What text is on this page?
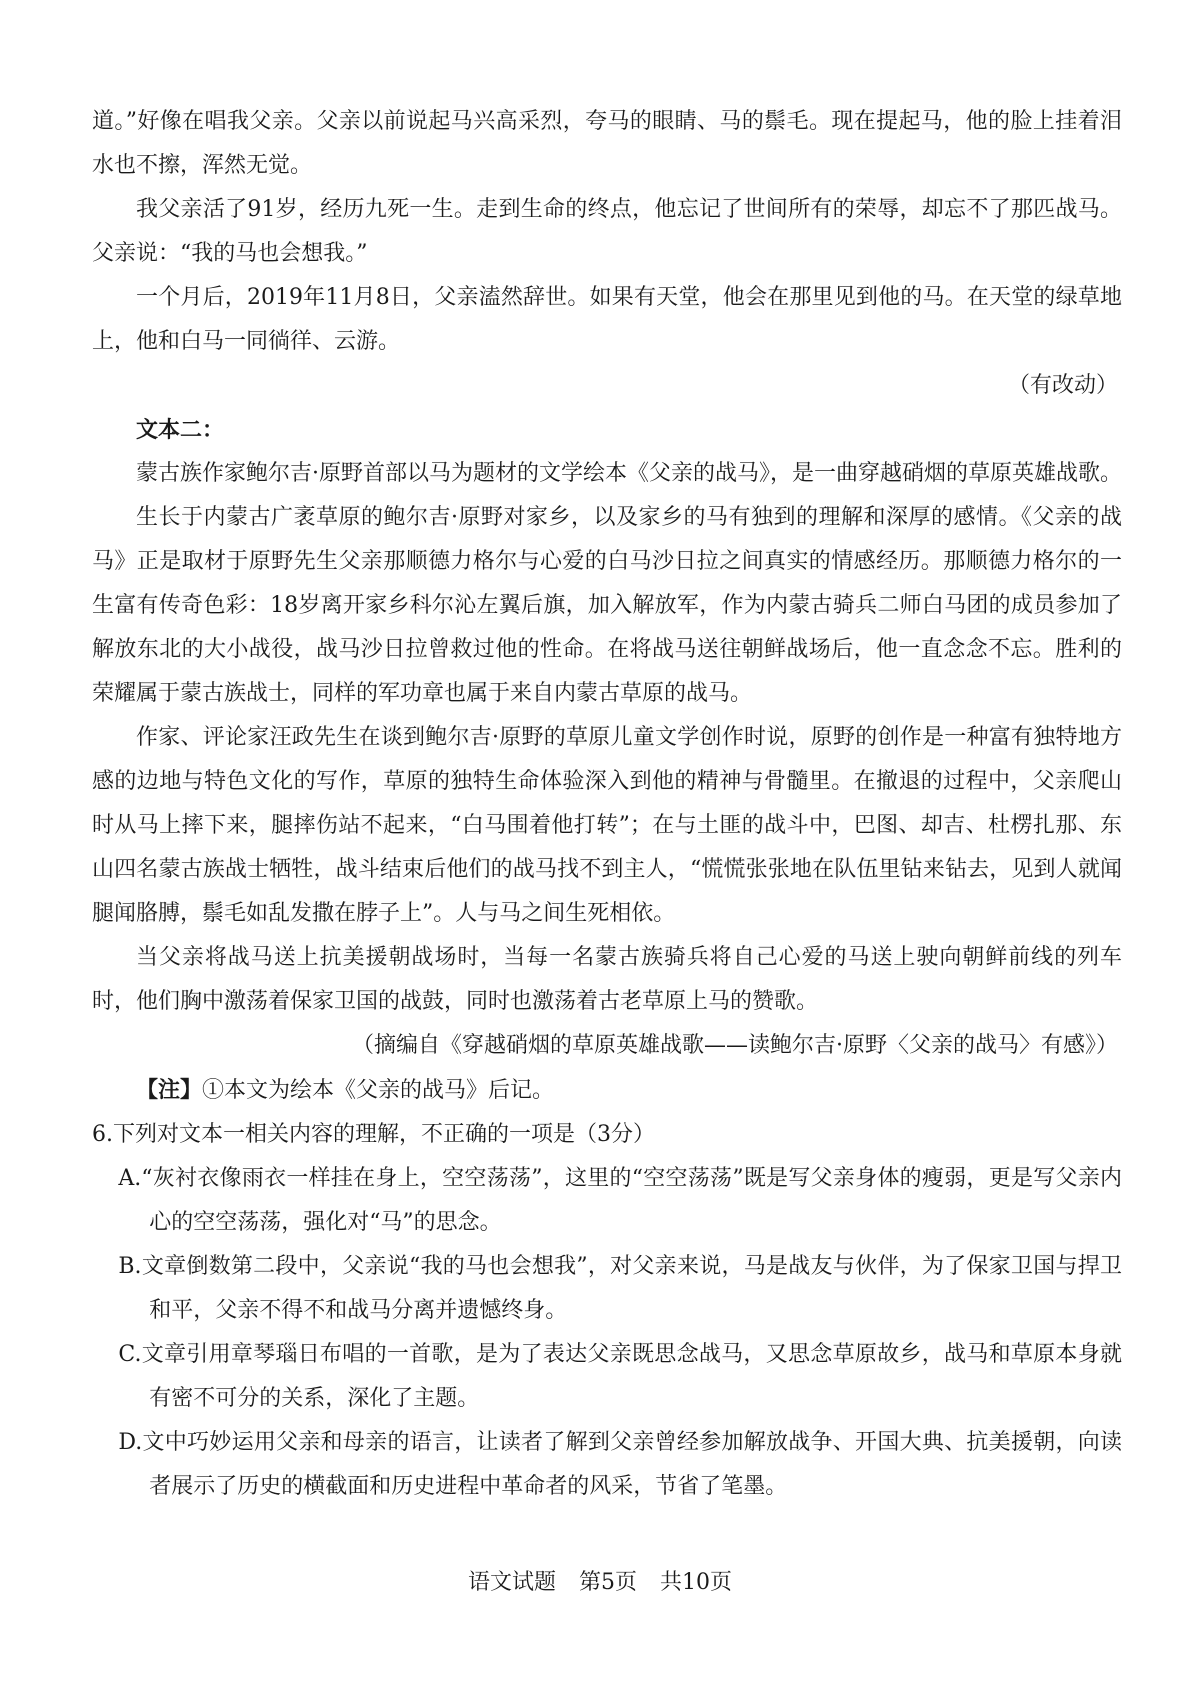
道。”好像在唱我父亲。父亲以前说起马兴高采烈，夸马的眼睛、马的鬃毛。现在提起马，他的脸上挂着泪水也不擦，浑然无觉。

我父亲活了91岁，经历九死一生。走到生命的终点，他忘记了世间所有的荣辱，却忘不了那匹战马。父亲说：“我的马也会想我。”

一个月后，2019年11月8日，父亲溘然辞世。如果有天堂，他会在那里见到他的马。在天堂的绿草地上，他和白马一同徜徉、云游。

（有改动）

文本二：

蒙古族作家鲍尔吉·原野首部以马为题材的文学绘本《父亲的战马》，是一曲穿越硝烟的草原英雄战歌。

生长于内蒙古广袤草原的鲍尔吉·原野对家乡，以及家乡的马有独到的理解和深厚的感情。《父亲的战马》正是取材于原野先生父亲那顺德力格尔与心爱的白马沙日拉之间真实的情感经历。那顺德力格尔的一生富有传奇色彩：18岁离开家乡科尔沁左翼后旗，加入解放军，作为内蒙古骑兵二师白马团的成员参加了解放东北的大小战役，战马沙日拉曾救过他的性命。在将战马送往朝鲜战场后，他一直念念不忘。胜利的荣耀属于蒙古族战士，同样的军功章也属于来自内蒙古草原的战马。

作家、评论家汪政先生在谈到鲍尔吉·原野的草原儿童文学创作时说，原野的创作是一种富有独特地方感的边地与特色文化的写作，草原的独特生命体验深入到他的精神与骨髓里。在撤退的过程中，父亲爬山时从马上摔下来，腿摔伤站不起来，“白马围着他打转”；在与土匪的战斗中，巴图、却吉、杜楞扎那、东山四名蒙古族战士牺牲，战斗结束后他们的战马找不到主人，“慌慌张张地在队伍里钻来钻去，见到人就闻腿闻胳膊，鬃毛如乱发撒在脖子上”。人与马之间生死相依。

当父亲将战马送上抗美援朝战场时，当每一名蒙古族骑兵将自己心爱的马送上驶向朝鲜前线的列车时，他们胸中激荡着保家卫国的战鼓，同时也激荡着古老草原上马的赞歌。

（摘编自《穿越硝烟的草原英雄战歌——读鲍尔吉·原野〈父亲的战马〉有感》）

【注】①本文为绘本《父亲的战马》后记。

6.下列对文本一相关内容的理解，不正确的一项是（3分）

A.“灰衬衣像雨衣一样挂在身上，空空荡荡”，这里的“空空荡荡”既是写父亲身体的瘦弱，更是写父亲内心的空空荡荡，强化对“马”的思念。

B.文章倒数第二段中，父亲说“我的马也会想我”，对父亲来说，马是战友与伙伴，为了保家卫国与捍卫和平，父亲不得不和战马分离并遗憾终身。

C.文章引用章琴瑙日布唱的一首歌，是为了表达父亲既思念战马，又思念草原故乡，战马和草原本身就有密不可分的关系，深化了主题。

D.文中巧妙运用父亲和母亲的语言，让读者了解到父亲曾经参加解放战争、开国大典、抗美援朝，向读者展示了历史的横截面和历史进程中革命者的风采，节省了笔墨。

语文试题 第5页 共10页
